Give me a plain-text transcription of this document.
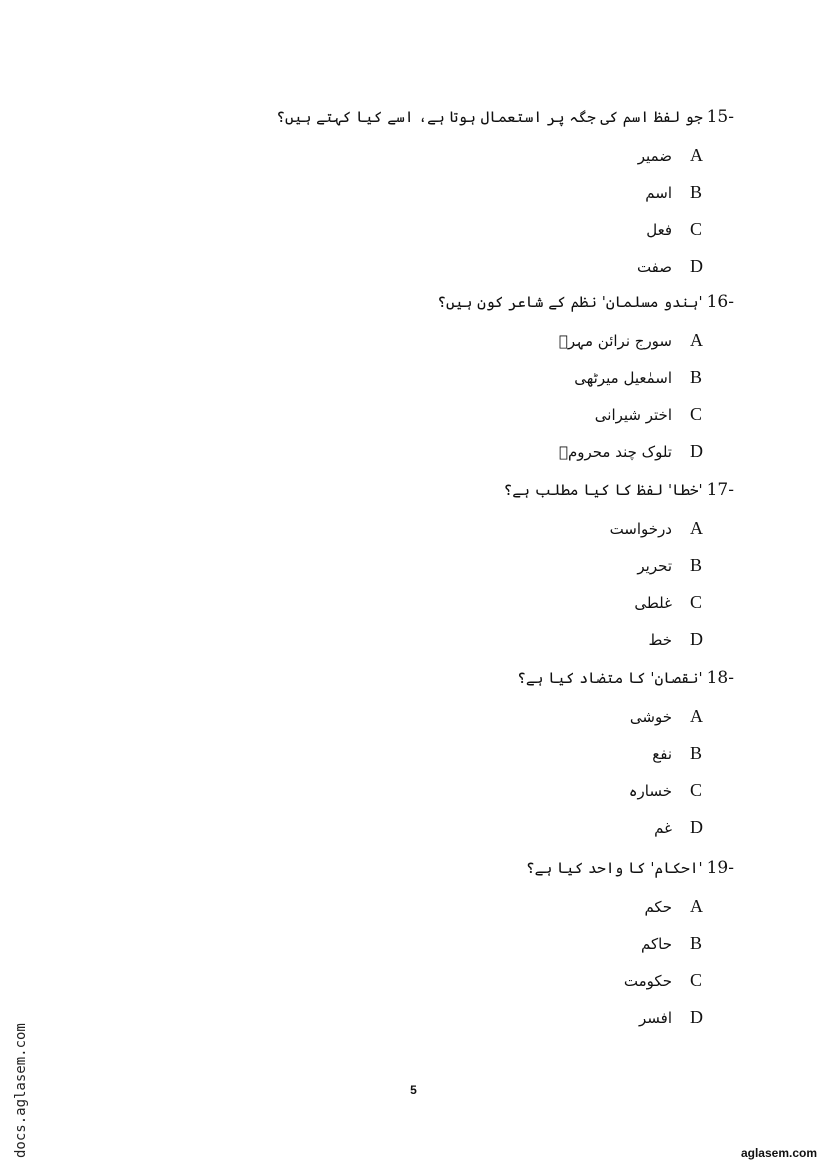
جو لفظ اسم کی جگہ پر استعمال ہوتا ہے، اسے کیا کہتے ہیں؟ 15-
ضمیر A
اسم B
فعل C
صفت D
'ہندو مسلمان' نظم کے شاعر کون ہیں؟ 16-
سورج نرائن مہرؔ A
اسمٰعیل میرٹھی B
اختر شیرانی C
تلوک چند محرومؔ D
'خطا' لفظ کا کیا مطلب ہے؟ 17-
درخواست A
تحریر B
غلطی C
خط D
'نقصان' کا متضاد کیا ہے؟ 18-
خوشی A
نفع B
خسارہ C
غم D
'احکام' کا واحد کیا ہے؟ 19-
حکم A
حاکم B
حکومت C
افسر D
5
docs.aglasem.com	aglasem.com
